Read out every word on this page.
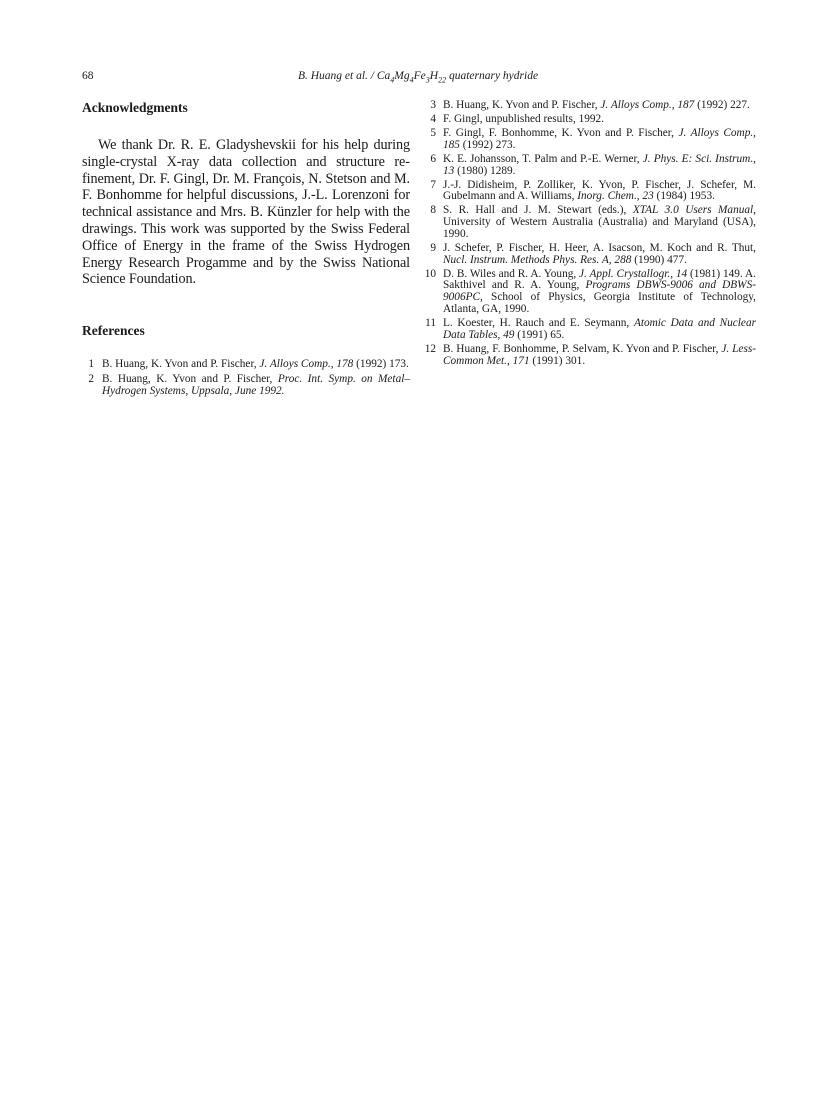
68	B. Huang et al. / $Ca_4Mg_4Fe_3H_{22}$ quaternary hydride
Acknowledgments

We thank Dr. R. E. Gladyshevskii for his help during single-crystal X-ray data collection and structure refinement, Dr. F. Gingl, Dr. M. François, N. Stetson and M. F. Bonhomme for helpful discussions, J.-L. Lorenzoni for technical assistance and Mrs. B. Künzler for help with the drawings. This work was supported by the Swiss Federal Office of Energy in the frame of the Swiss Hydrogen Energy Research Progamme and by the Swiss National Science Foundation.

References
1 B. Huang, K. Yvon and P. Fischer, J. Alloys Comp., 178 (1992) 173.
2 B. Huang, K. Yvon and P. Fischer, Proc. Int. Symp. on Metal–Hydrogen Systems, Uppsala, June 1992.
3 B. Huang, K. Yvon and P. Fischer, J. Alloys Comp., 187 (1992) 227.
4 F. Gingl, unpublished results, 1992.
5 F. Gingl, F. Bonhomme, K. Yvon and P. Fischer, J. Alloys Comp., 185 (1992) 273.
6 K. E. Johansson, T. Palm and P.-E. Werner, J. Phys. E: Sci. Instrum., 13 (1980) 1289.
7 J.-J. Didisheim, P. Zolliker, K. Yvon, P. Fischer, J. Schefer, M. Gubelmann and A. Williams, Inorg. Chem., 23 (1984) 1953.
8 S. R. Hall and J. M. Stewart (eds.), XTAL 3.0 Users Manual, University of Western Australia (Australia) and Maryland (USA), 1990.
9 J. Schefer, P. Fischer, H. Heer, A. Isacson, M. Koch and R. Thut, Nucl. Instrum. Methods Phys. Res. A, 288 (1990) 477.
10 D. B. Wiles and R. A. Young, J. Appl. Crystallogr., 14 (1981) 149. A. Sakthivel and R. A. Young, Programs DBWS-9006 and DBWS-9006PC, School of Physics, Georgia Institute of Technology, Atlanta, GA, 1990.
11 L. Koester, H. Rauch and E. Seymann, Atomic Data and Nuclear Data Tables, 49 (1991) 65.
12 B. Huang, F. Bonhomme, P. Selvam, K. Yvon and P. Fischer, J. Less-Common Met., 171 (1991) 301.
